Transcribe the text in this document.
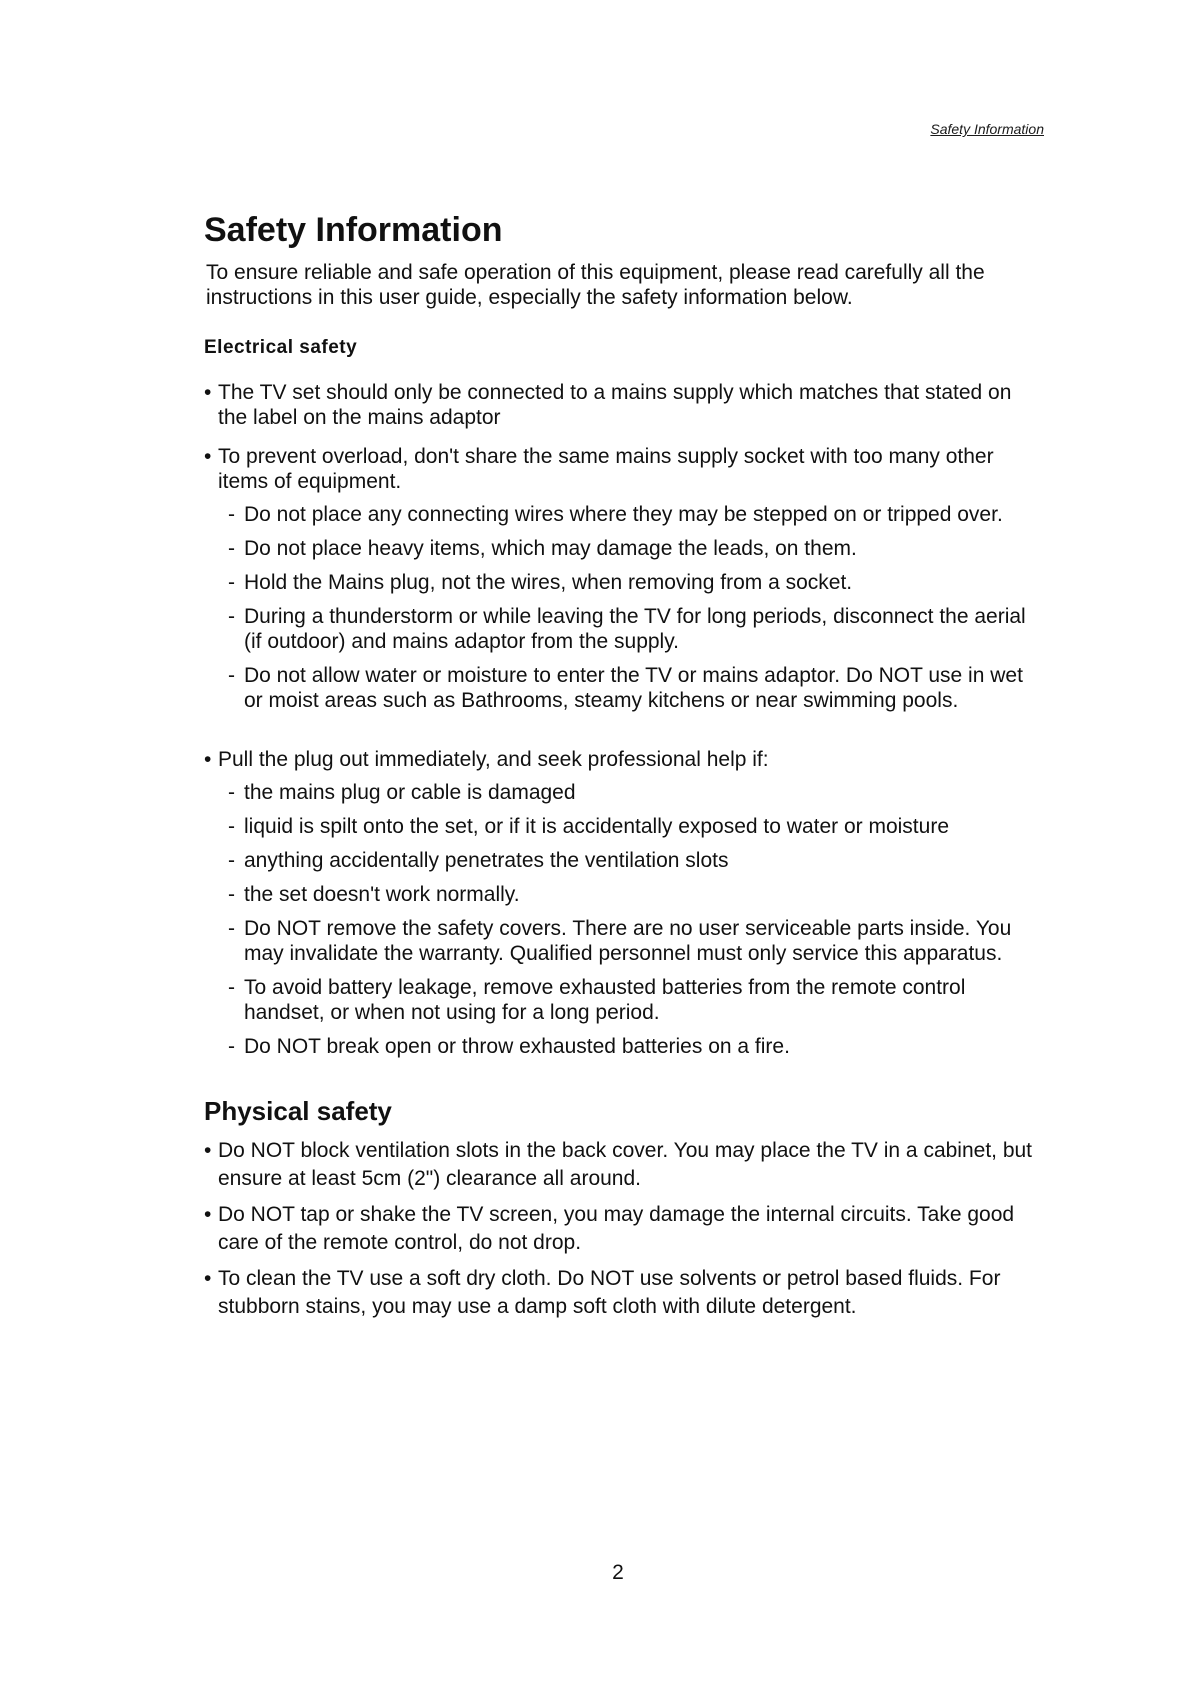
Safety Information
Safety Information

To ensure reliable and safe operation of this equipment, please read carefully all the instructions in this user guide, especially the safety information below.

Electrical safety
• The TV set should only be connected to a mains supply which matches that stated on the label on the mains adaptor
• To prevent overload, don't share the same mains supply socket with too many other items of equipment.
- Do not place any connecting wires where they may be stepped on or tripped over.
- Do not place heavy items, which may damage the leads, on them.
- Hold the Mains plug, not the wires, when removing from a socket.
- During a thunderstorm or while leaving the TV for long periods, disconnect the aerial (if outdoor) and mains adaptor from the supply.
- Do not allow water or moisture to enter the TV or mains adaptor. Do NOT use in wet or moist areas such as Bathrooms, steamy kitchens or near swimming pools.
• Pull the plug out immediately, and seek professional help if:
- the mains plug or cable is damaged
- liquid is spilt onto the set, or if it is accidentally exposed to water or moisture
- anything accidentally penetrates the ventilation slots
- the set doesn't work normally.
- Do NOT remove the safety covers. There are no user serviceable parts inside. You may invalidate the warranty. Qualified personnel must only service this apparatus.
- To avoid battery leakage, remove exhausted batteries from the remote control handset, or when not using for a long period.
- Do NOT break open or throw exhausted batteries on a fire.
Physical safety
• Do NOT block ventilation slots in the back cover. You may place the TV in a cabinet, but ensure at least 5cm (2") clearance all around.
• Do NOT tap or shake the TV screen, you may damage the internal circuits. Take good care of the remote control, do not drop.
• To clean the TV use a soft dry cloth. Do NOT use solvents or petrol based fluids. For stubborn stains, you may use a damp soft cloth with dilute detergent.
2
